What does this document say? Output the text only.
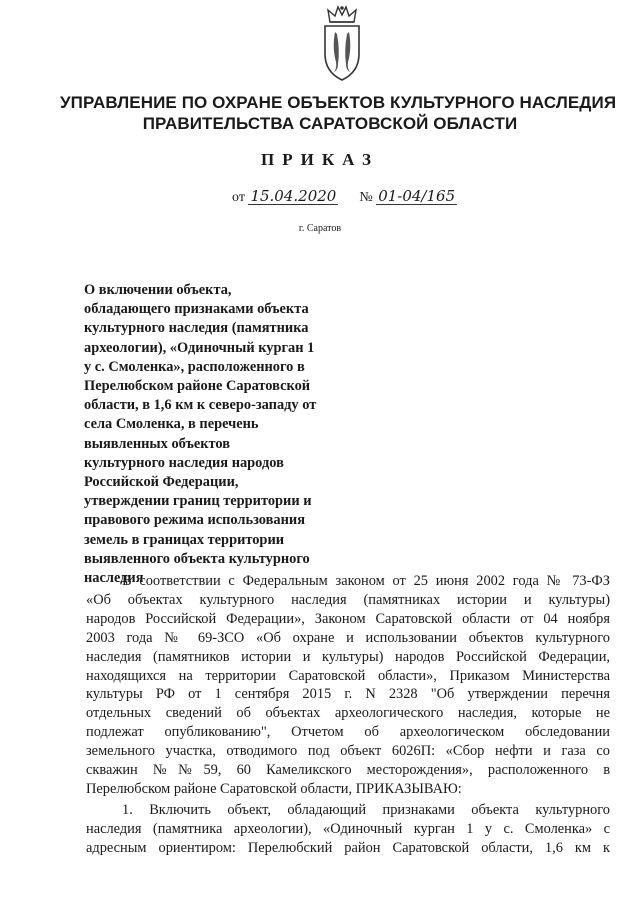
УПРАВЛЕНИЕ ПО ОХРАНЕ ОБЪЕКТОВ КУЛЬТУРНОГО НАСЛЕДИЯ
ПРАВИТЕЛЬСТВА САРАТОВСКОЙ ОБЛАСТИ
ПРИКАЗ
от 15.04.2020 № 01-04/165
г. Саратов
О включении объекта,
обладающего признаками объекта
культурного наследия (памятника
археологии), «Одиночный курган 1
у с. Смоленка», расположенного в
Перелюбском районе Саратовской
области, в 1,6 км к северо-западу от
села Смоленка, в перечень
выявленных объектов
культурного наследия народов
Российской Федерации,
утверждении границ территории и
правового режима использования
земель в границах территории
выявленного объекта культурного
наследия
В соответствии с Федеральным законом от 25 июня 2002 года № 73-ФЗ
«Об объектах культурного наследия (памятниках истории и культуры)
народов Российской Федерации», Законом Саратовской области от 04 ноября
2003 года № 69-ЗСО «Об охране и использовании объектов культурного
наследия (памятников истории и культуры) народов Российской Федерации,
находящихся на территории Саратовской области», Приказом Министерства
культуры РФ от 1 сентября 2015 г. N 2328 "Об утверждении перечня
отдельных сведений об объектах археологического наследия, которые не
подлежат опубликованию", Отчетом об археологическом обследовании
земельного участка, отводимого под объект 6026П: «Сбор нефти и газа со
скважин №№59, 60 Камеликского месторождения», расположенного в
Перелюбском районе Саратовской области, ПРИКАЗЫВАЮ:
1. Включить объект, обладающий признаками объекта культурного
наследия (памятника археологии), «Одиночный курган 1 у с. Смоленка» с
адресным ориентиром: Перелюбский район Саратовской области, 1,6 км к
